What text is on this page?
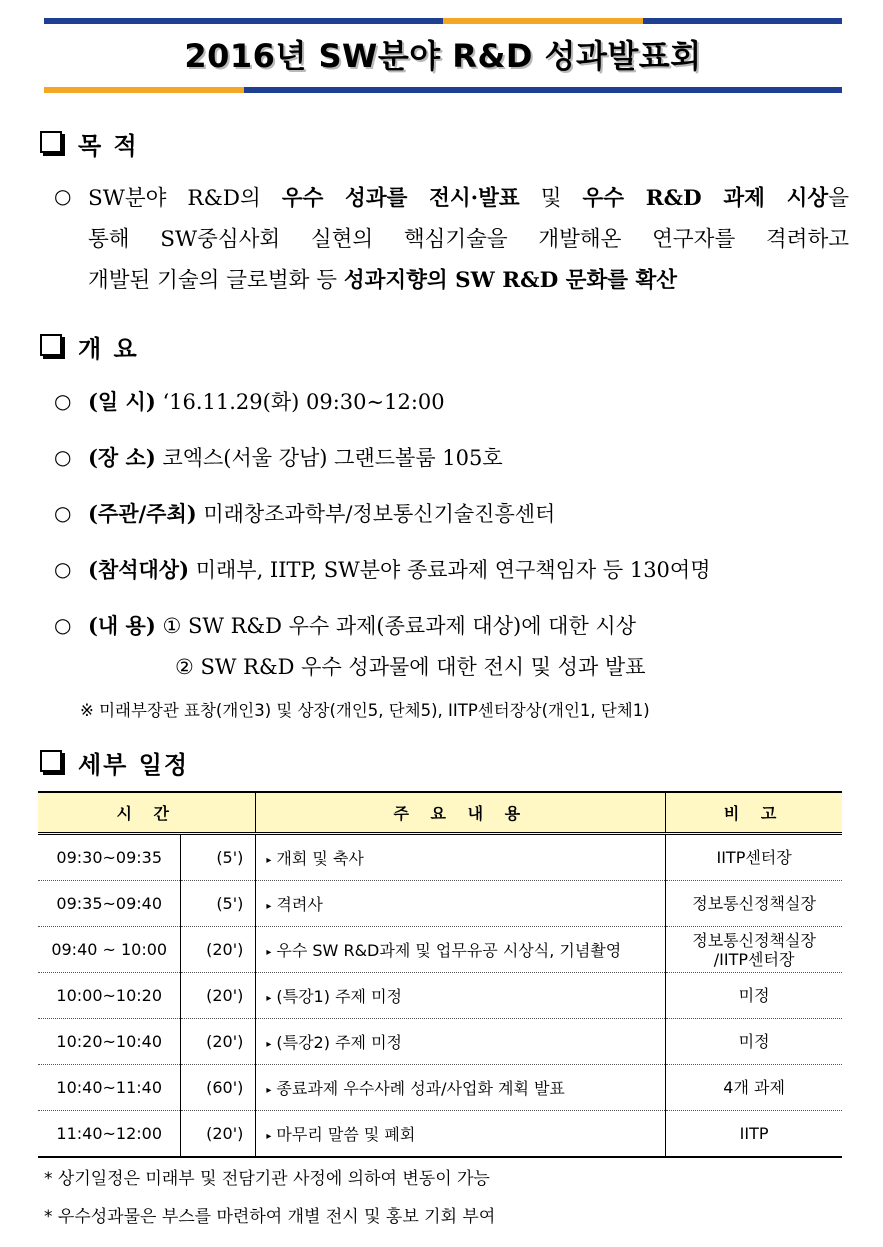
2016년 SW분야 R&D 성과발표회
목 적
○ SW분야 R&D의 우수 성과를 전시·발표 및 우수 R&D 과제 시상을
통해 SW중심사회 실현의 핵심기술을 개발해온 연구자를 격려하고
개발된 기술의 글로벌화 등 성과지향의 SW R&D 문화를 확산
개 요
○ (일 시) ‘16.11.29(화) 09:30∼12:00
○ (장 소) 코엑스(서울 강남) 그랜드볼룸 105호
○ (주관/주최) 미래창조과학부/정보통신기술진흥센터
○ (참석대상) 미래부, IITP, SW분야 종료과제 연구책임자 등 130여명
○ (내 용) ① SW R&D 우수 과제(종료과제 대상)에 대한 시상
② SW R&D 우수 성과물에 대한 전시 및 성과 발표
※ 미래부장관 표창(개인3) 및 상장(개인5, 단체5), IITP센터장상(개인1, 단체1)
세부 일정
시 간		주 요 내 용	비 고
09:30~09:35	(5')	▸ 개회 및 축사	IITP센터장
09:35~09:40	(5')	▸ 격려사	정보통신정책실장
09:40 ~ 10:00	(20')	▸ 우수 SW R&D과제 및 업무유공 시상식, 기념촬영	정보통신정책실장
/IITP센터장
10:00~10:20	(20')	▸ (특강1) 주제 미정	미정
10:20~10:40	(20')	▸ (특강2) 주제 미정	미정
10:40~11:40	(60')	▸ 종료과제 우수사례 성과/사업화 계획 발표	4개 과제
11:40~12:00	(20')	▸ 마무리 말씀 및 폐회	IITP
* 상기일정은 미래부 및 전담기관 사정에 의하여 변동이 가능
* 우수성과물은 부스를 마련하여 개별 전시 및 홍보 기회 부여
